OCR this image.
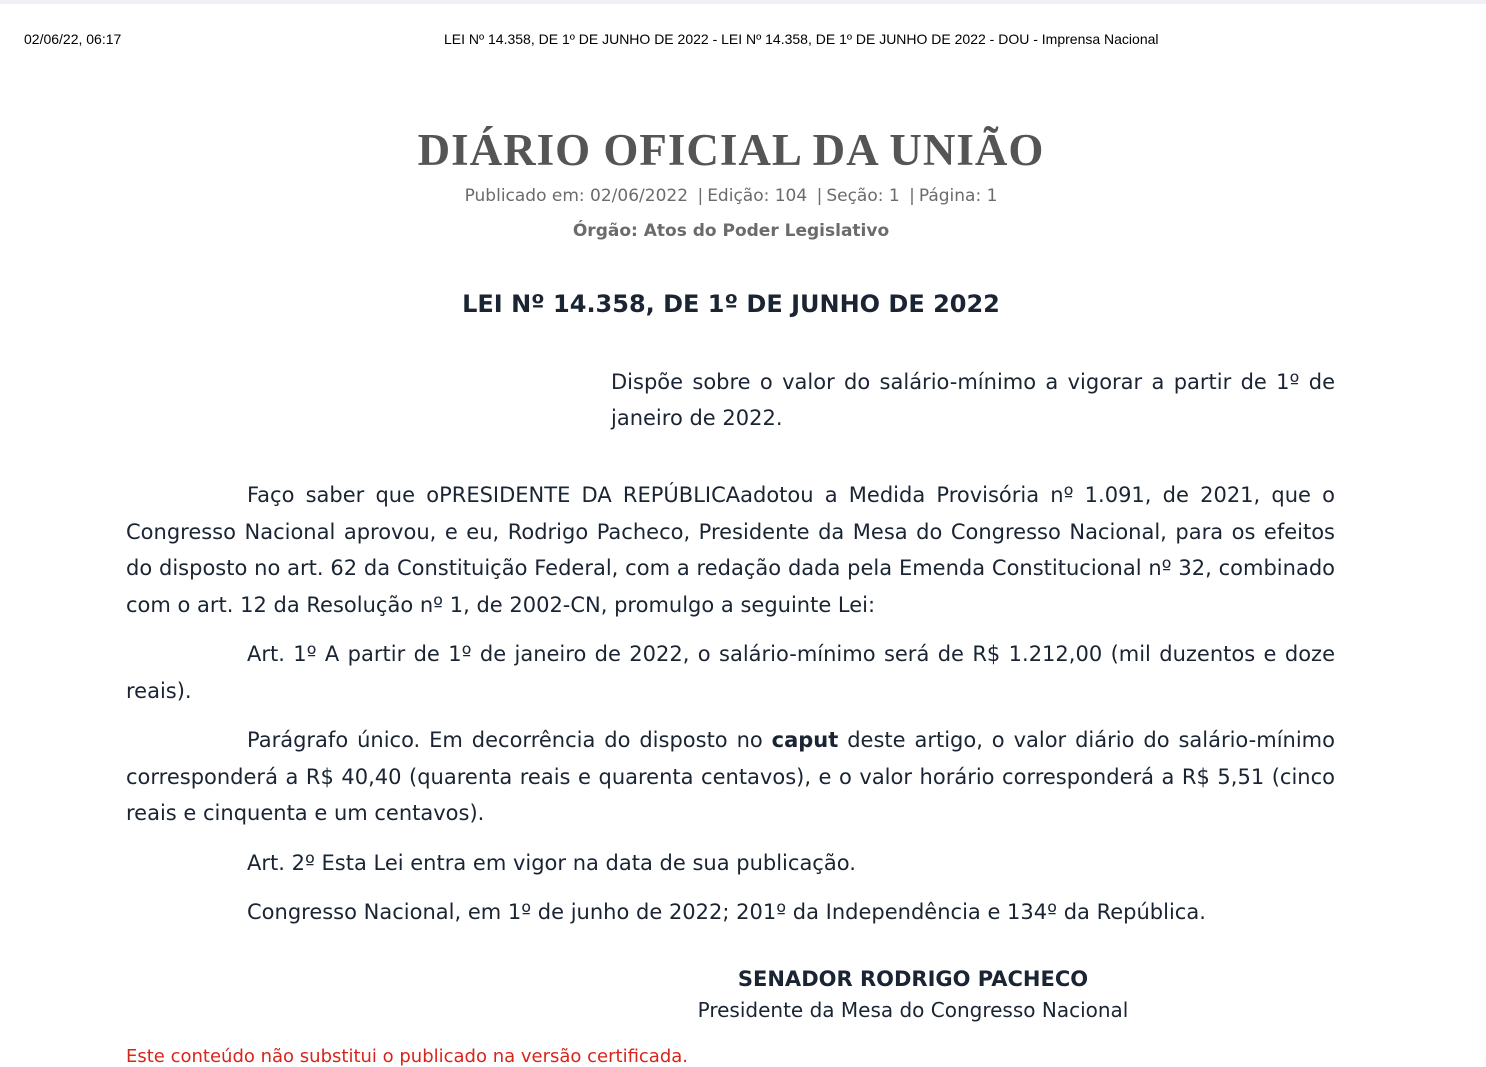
02/06/22, 06:17	LEI Nº 14.358, DE 1º DE JUNHO DE 2022 - LEI Nº 14.358, DE 1º DE JUNHO DE 2022 - DOU - Imprensa Nacional
DIÁRIO OFICIAL DA UNIÃO
Publicado em: 02/06/2022 | Edição: 104 | Seção: 1 | Página: 1
Órgão: Atos do Poder Legislativo
LEI Nº 14.358, DE 1º DE JUNHO DE 2022
Dispõe sobre o valor do salário-mínimo a vigorar a partir de 1º de janeiro de 2022.

Faço saber que oPRESIDENTE DA REPÚBLICAadotou a Medida Provisória nº 1.091, de 2021, que o Congresso Nacional aprovou, e eu, Rodrigo Pacheco, Presidente da Mesa do Congresso Nacional, para os efeitos do disposto no art. 62 da Constituição Federal, com a redação dada pela Emenda Constitucional nº 32, combinado com o art. 12 da Resolução nº 1, de 2002-CN, promulgo a seguinte Lei:

Art. 1º A partir de 1º de janeiro de 2022, o salário-mínimo será de R$ 1.212,00 (mil duzentos e doze reais).

Parágrafo único. Em decorrência do disposto no caput deste artigo, o valor diário do salário-mínimo corresponderá a R$ 40,40 (quarenta reais e quarenta centavos), e o valor horário corresponderá a R$ 5,51 (cinco reais e cinquenta e um centavos).

Art. 2º Esta Lei entra em vigor na data de sua publicação.

Congresso Nacional, em 1º de junho de 2022; 201º da Independência e 134º da República.

SENADOR RODRIGO PACHECO
Presidente da Mesa do Congresso Nacional
Este conteúdo não substitui o publicado na versão certificada.
